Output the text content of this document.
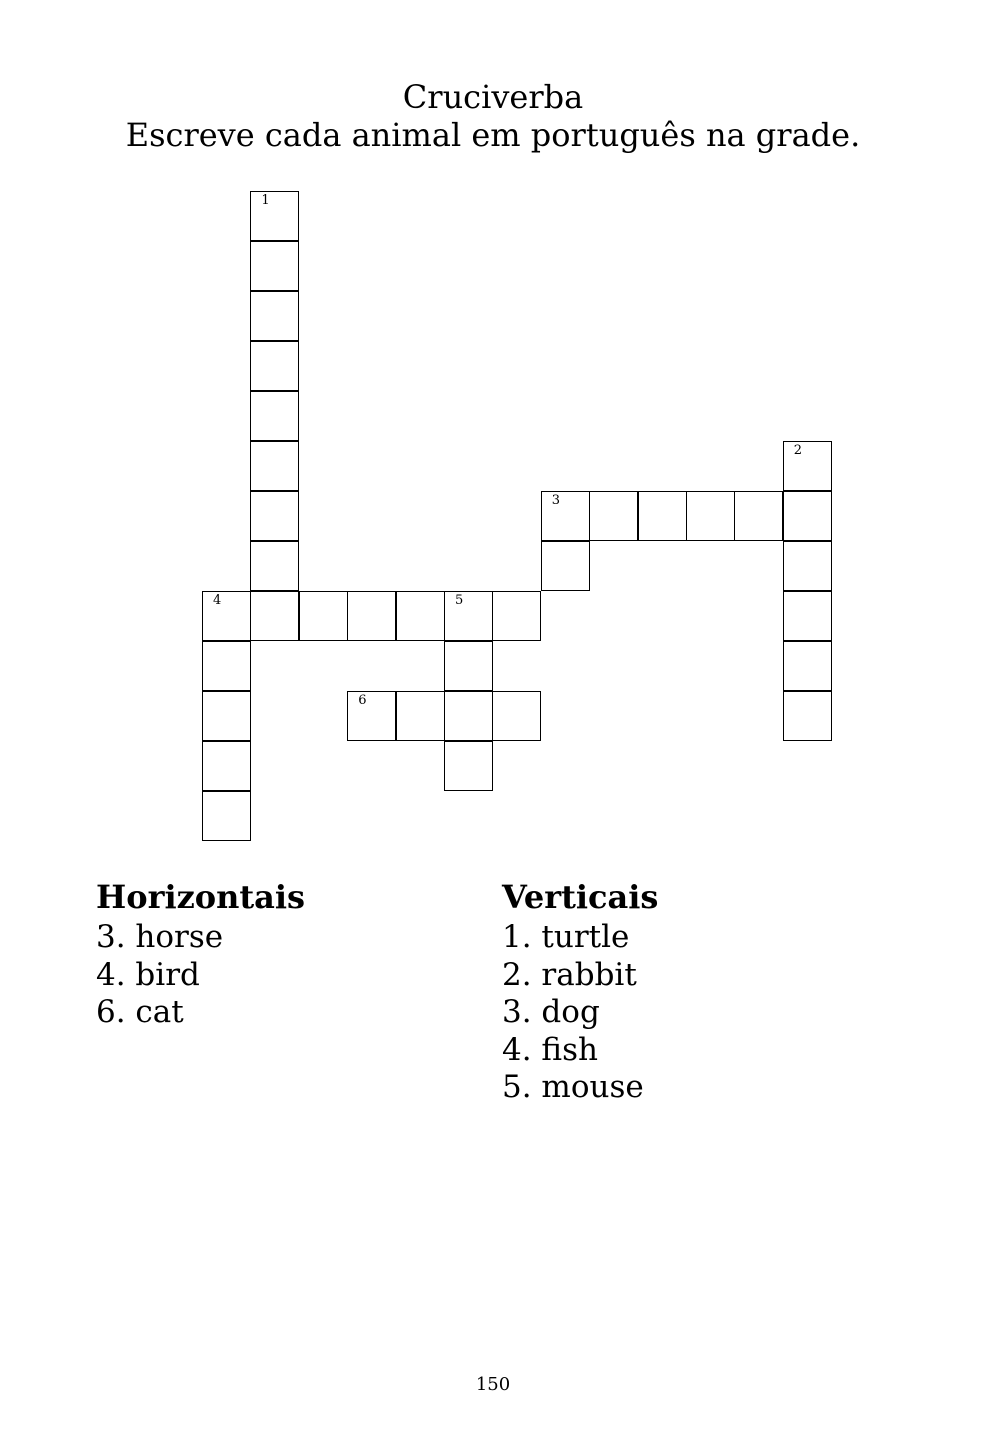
Cruciverba
Escreve cada animal em português na grade.
1
2
3
4	5
6
Horizontais
3. horse
4. bird
6. cat
Verticais
1. turtle
2. rabbit
3. dog
4. fish
5. mouse
150
